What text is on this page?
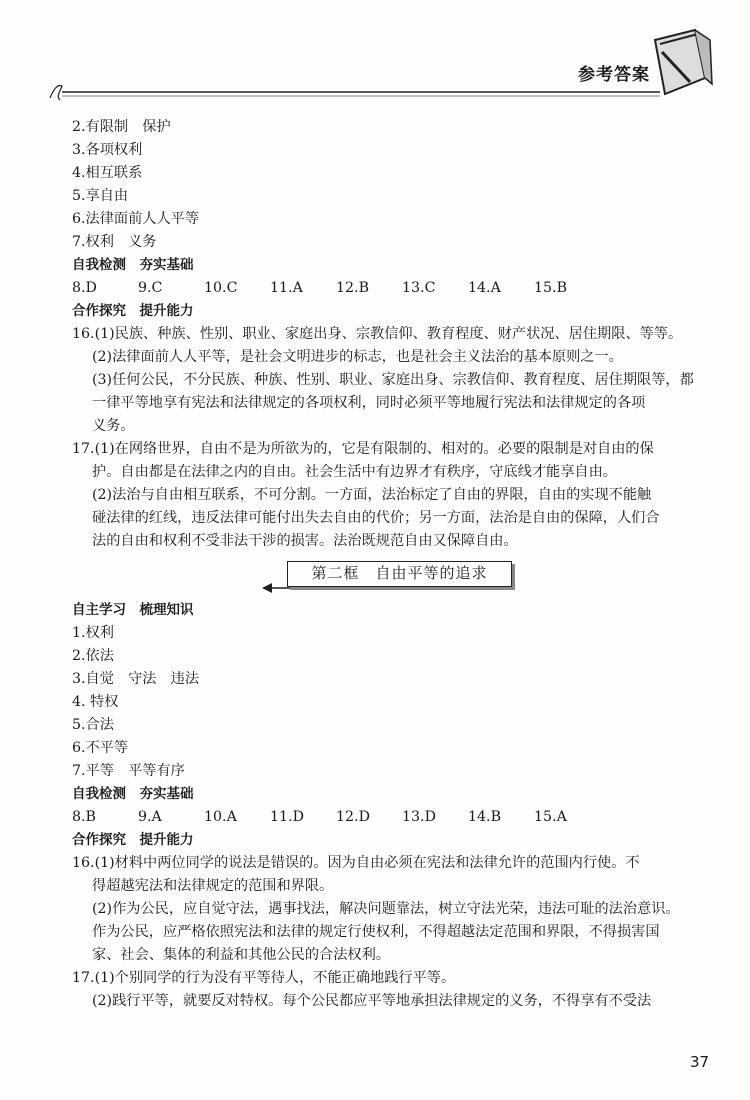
参考答案
2.有限制　保护
3.各项权利
4.相互联系
5.享自由
6.法律面前人人平等
7.权利　义务
自我检测　夯实基础
8.D	9.C	10.C	11.A	12.B	13.C	14.A	15.B
合作探究　提升能力
16.(1)民族、种族、性别、职业、家庭出身、宗教信仰、教育程度、财产状况、居住期限、等等。
(2)法律面前人人平等，是社会文明进步的标志，也是社会主义法治的基本原则之一。
(3)任何公民，不分民族、种族、性别、职业、家庭出身、宗教信仰、教育程度、居住期限等，都
一律平等地享有宪法和法律规定的各项权利，同时必须平等地履行宪法和法律规定的各项
义务。
17.(1)在网络世界，自由不是为所欲为的，它是有限制的、相对的。必要的限制是对自由的保
护。自由都是在法律之内的自由。社会生活中有边界才有秩序，守底线才能享自由。
(2)法治与自由相互联系，不可分割。一方面，法治标定了自由的界限，自由的实现不能触
碰法律的红线，违反法律可能付出失去自由的代价；另一方面，法治是自由的保障，人们合
法的自由和权利不受非法干涉的损害。法治既规范自由又保障自由。
第二框　自由平等的追求
自主学习　梳理知识
1.权利
2.依法
3.自觉　守法　违法
4. 特权
5.合法
6.不平等
7.平等　平等有序
自我检测　夯实基础
8.B	9.A	10.A	11.D	12.D	13.D	14.B	15.A
合作探究　提升能力
16.(1)材料中两位同学的说法是错误的。因为自由必须在宪法和法律允许的范围内行使。不
得超越宪法和法律规定的范围和界限。
(2)作为公民，应自觉守法，遇事找法，解决问题靠法，树立守法光荣，违法可耻的法治意识。
作为公民，应严格依照宪法和法律的规定行使权利，不得超越法定范围和界限，不得损害国
家、社会、集体的利益和其他公民的合法权利。
17.(1)个别同学的行为没有平等待人，不能正确地践行平等。
(2)践行平等，就要反对特权。每个公民都应平等地承担法律规定的义务，不得享有不受法
37
